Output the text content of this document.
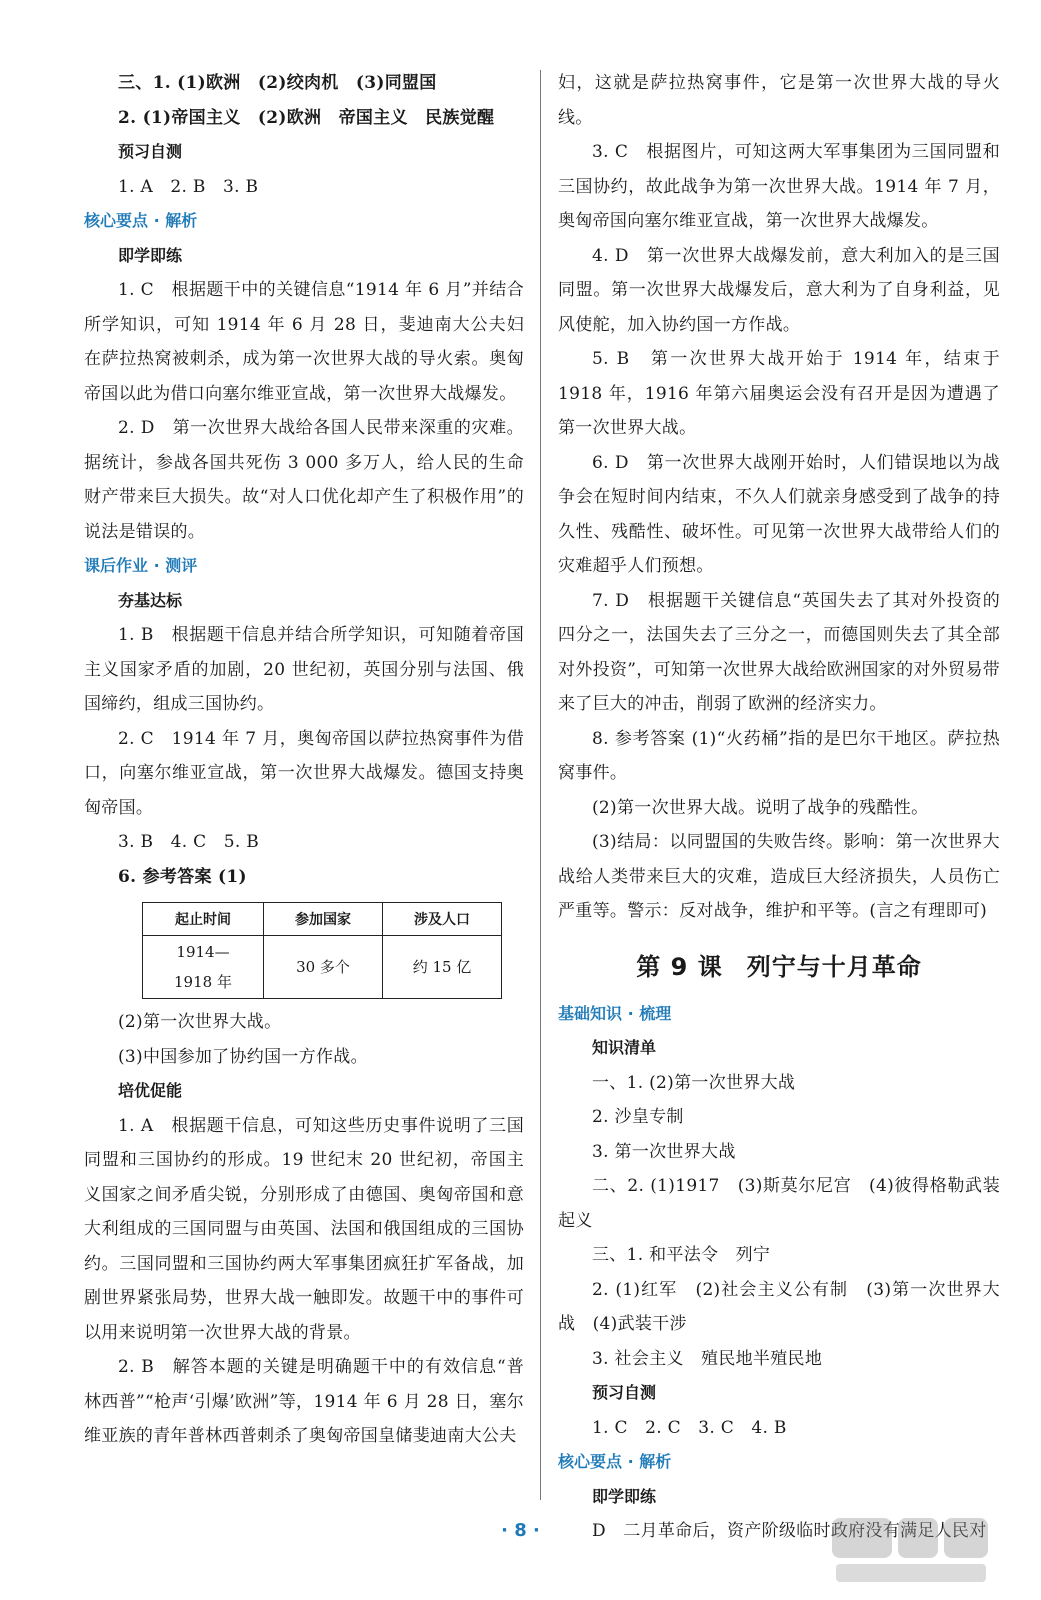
三、1. (1)欧洲　(2)绞肉机　(3)同盟国

2. (1)帝国主义　(2)欧洲　帝国主义　民族觉醒

预习自测

1. A　2. B　3. B

核心要点 · 解析

即学即练

1. C　根据题干中的关键信息“1914 年 6 月”并结合所学知识，可知 1914 年 6 月 28 日，斐迪南大公夫妇在萨拉热窝被刺杀，成为第一次世界大战的导火索。奥匈帝国以此为借口向塞尔维亚宣战，第一次世界大战爆发。

2. D　第一次世界大战给各国人民带来深重的灾难。据统计，参战各国共死伤 3 000 多万人，给人民的生命财产带来巨大损失。故“对人口优化却产生了积极作用”的说法是错误的。

课后作业 · 测评

夯基达标

1. B　根据题干信息并结合所学知识，可知随着帝国主义国家矛盾的加剧，20 世纪初，英国分别与法国、俄国缔约，组成三国协约。

2. C　1914 年 7 月，奥匈帝国以萨拉热窝事件为借口，向塞尔维亚宣战，第一次世界大战爆发。德国支持奥匈帝国。

3. B　4. C　5. B

6. 参考答案 (1)

起止时间	参加国家	涉及人口
1914—1918 年	30 多个	约 15 亿

(2)第一次世界大战。

(3)中国参加了协约国一方作战。

培优促能

1. A　根据题干信息，可知这些历史事件说明了三国同盟和三国协约的形成。19 世纪末 20 世纪初，帝国主义国家之间矛盾尖锐，分别形成了由德国、奥匈帝国和意大利组成的三国同盟与由英国、法国和俄国组成的三国协约。三国同盟和三国协约两大军事集团疯狂扩军备战，加剧世界紧张局势，世界大战一触即发。故题干中的事件可以用来说明第一次世界大战的背景。

2. B　解答本题的关键是明确题干中的有效信息“普林西普”“枪声‘引爆’欧洲”等，1914 年 6 月 28 日，塞尔维亚族的青年普林西普刺杀了奥匈帝国皇储斐迪南大公夫

妇，这就是萨拉热窝事件，它是第一次世界大战的导火线。

3. C　根据图片，可知这两大军事集团为三国同盟和三国协约，故此战争为第一次世界大战。1914 年 7 月，奥匈帝国向塞尔维亚宣战，第一次世界大战爆发。

4. D　第一次世界大战爆发前，意大利加入的是三国同盟。第一次世界大战爆发后，意大利为了自身利益，见风使舵，加入协约国一方作战。

5. B　第一次世界大战开始于 1914 年，结束于 1918 年，1916 年第六届奥运会没有召开是因为遭遇了第一次世界大战。

6. D　第一次世界大战刚开始时，人们错误地以为战争会在短时间内结束，不久人们就亲身感受到了战争的持久性、残酷性、破坏性。可见第一次世界大战带给人们的灾难超乎人们预想。

7. D　根据题干关键信息“英国失去了其对外投资的四分之一，法国失去了三分之一，而德国则失去了其全部对外投资”，可知第一次世界大战给欧洲国家的对外贸易带来了巨大的冲击，削弱了欧洲的经济实力。

8. 参考答案 (1)“火药桶”指的是巴尔干地区。萨拉热窝事件。

(2)第一次世界大战。说明了战争的残酷性。

(3)结局：以同盟国的失败告终。影响：第一次世界大战给人类带来巨大的灾难，造成巨大经济损失，人员伤亡严重等。警示：反对战争，维护和平等。(言之有理即可)

第 9 课 列宁与十月革命

基础知识 · 梳理

知识清单

一、1. (2)第一次世界大战

2. 沙皇专制

3. 第一次世界大战

二、2. (1)1917　(3)斯莫尔尼宫　(4)彼得格勒武装起义

三、1. 和平法令　列宁

2. (1)红军　(2)社会主义公有制　(3)第一次世界大战　(4)武装干涉

3. 社会主义　殖民地半殖民地

预习自测

1. C　2. C　3. C　4. B

核心要点 · 解析

即学即练

D　二月革命后，资产阶级临时政府没有满足人民对

· 8 ·
